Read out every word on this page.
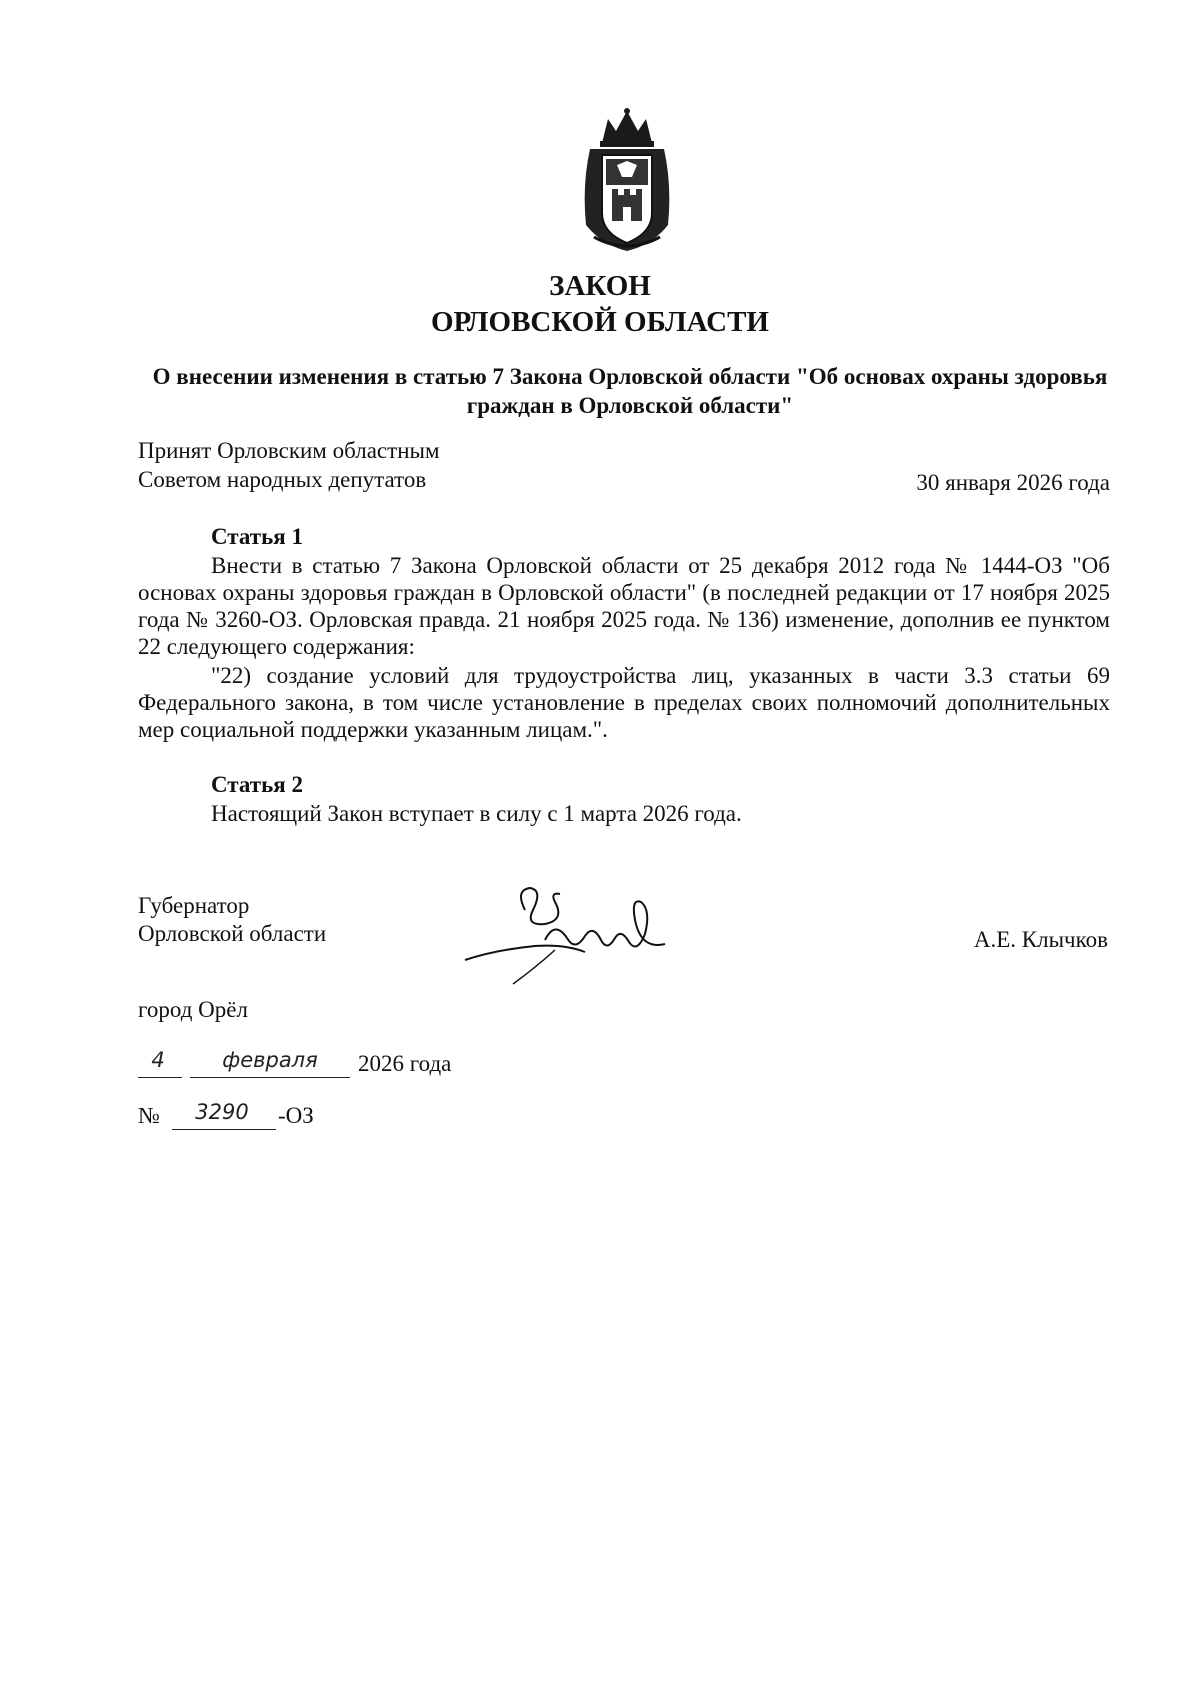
ЗАКОН
ОРЛОВСКОЙ ОБЛАСТИ
О внесении изменения в статью 7 Закона Орловской области "Об основах охраны здоровья граждан в Орловской области"
Принят Орловским областным
Советом народных депутатов	30 января 2026 года
Статья 1

Внести в статью 7 Закона Орловской области от 25 декабря 2012 года № 1444-ОЗ "Об основах охраны здоровья граждан в Орловской области" (в последней редакции от 17 ноября 2025 года № 3260-ОЗ. Орловская правда. 21 ноября 2025 года. № 136) изменение, дополнив ее пунктом 22 следующего содержания:

"22) создание условий для трудоустройства лиц, указанных в части 3.3 статьи 69 Федерального закона, в том числе установление в пределах своих полномочий дополнительных мер социальной поддержки указанным лицам.".

Статья 2

Настоящий Закон вступает в силу с 1 марта 2026 года.

Губернатор
Орловской области	А.Е. Клычков
город Орёл
4	февраля	2026 года
№	3290	-ОЗ
